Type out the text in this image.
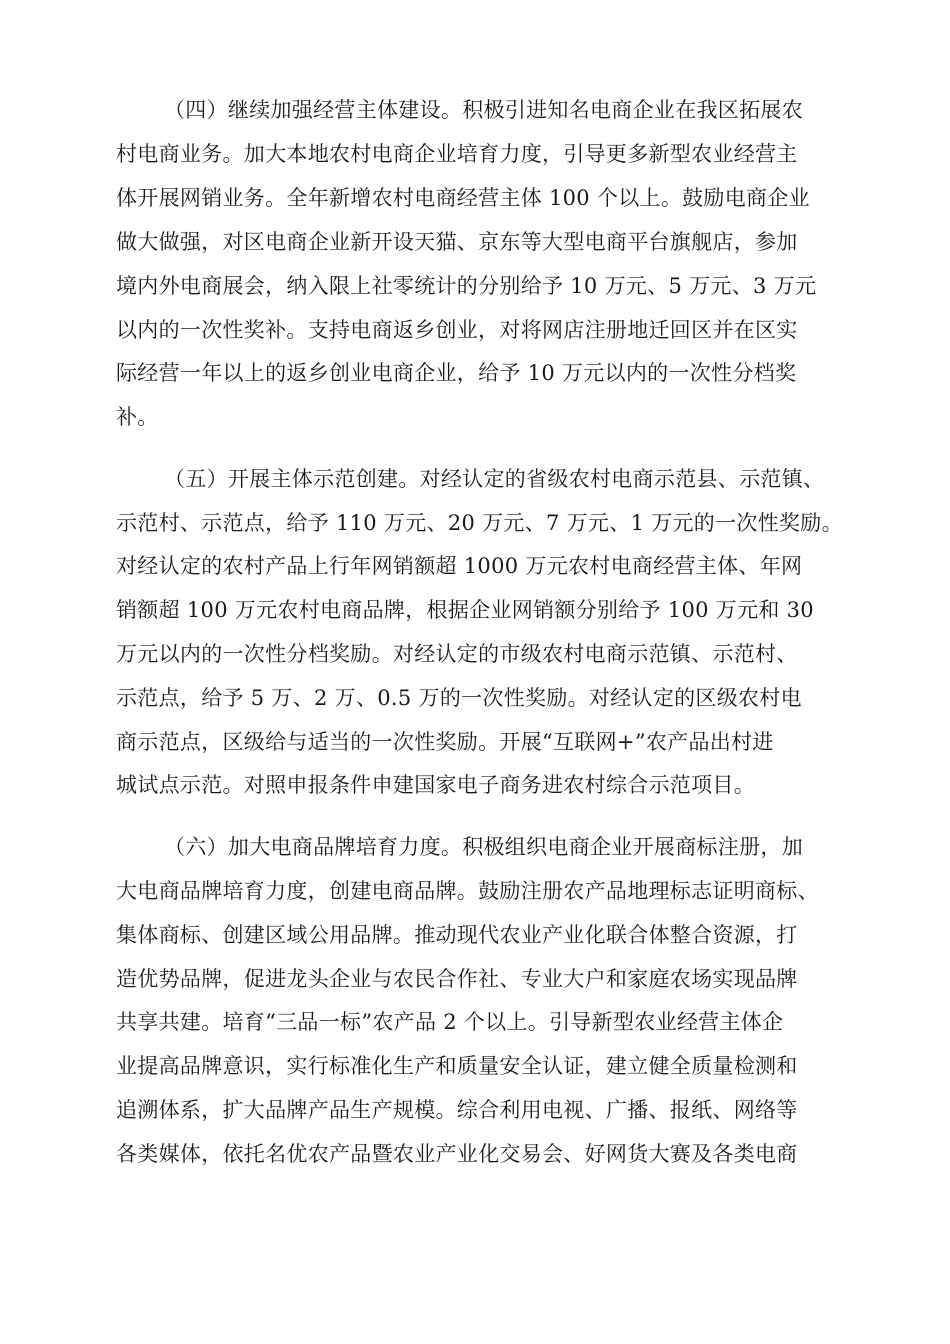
（四）继续加强经营主体建设。积极引进知名电商企业在我区拓展农
村电商业务。加大本地农村电商企业培育力度，引导更多新型农业经营主
体开展网销业务。全年新增农村电商经营主体 100 个以上。鼓励电商企业
做大做强，对区电商企业新开设天猫、京东等大型电商平台旗舰店，参加
境内外电商展会，纳入限上社零统计的分别给予 10 万元、5 万元、3 万元
以内的一次性奖补。支持电商返乡创业，对将网店注册地迁回区并在区实
际经营一年以上的返乡创业电商企业，给予 10 万元以内的一次性分档奖
补。
（五）开展主体示范创建。对经认定的省级农村电商示范县、示范镇、
示范村、示范点，给予 110 万元、20 万元、7 万元、1 万元的一次性奖励。
对经认定的农村产品上行年网销额超 1000 万元农村电商经营主体、年网
销额超 100 万元农村电商品牌，根据企业网销额分别给予 100 万元和 30
万元以内的一次性分档奖励。对经认定的市级农村电商示范镇、示范村、
示范点，给予 5 万、2 万、0.5 万的一次性奖励。对经认定的区级农村电
商示范点，区级给与适当的一次性奖励。开展“互联网+”农产品出村进
城试点示范。对照申报条件申建国家电子商务进农村综合示范项目。
（六）加大电商品牌培育力度。积极组织电商企业开展商标注册，加
大电商品牌培育力度，创建电商品牌。鼓励注册农产品地理标志证明商标、
集体商标、创建区域公用品牌。推动现代农业产业化联合体整合资源，打
造优势品牌，促进龙头企业与农民合作社、专业大户和家庭农场实现品牌
共享共建。培育“三品一标”农产品 2 个以上。引导新型农业经营主体企
业提高品牌意识，实行标准化生产和质量安全认证，建立健全质量检测和
追溯体系，扩大品牌产品生产规模。综合利用电视、广播、报纸、网络等
各类媒体，依托名优农产品暨农业产业化交易会、好网货大赛及各类电商
